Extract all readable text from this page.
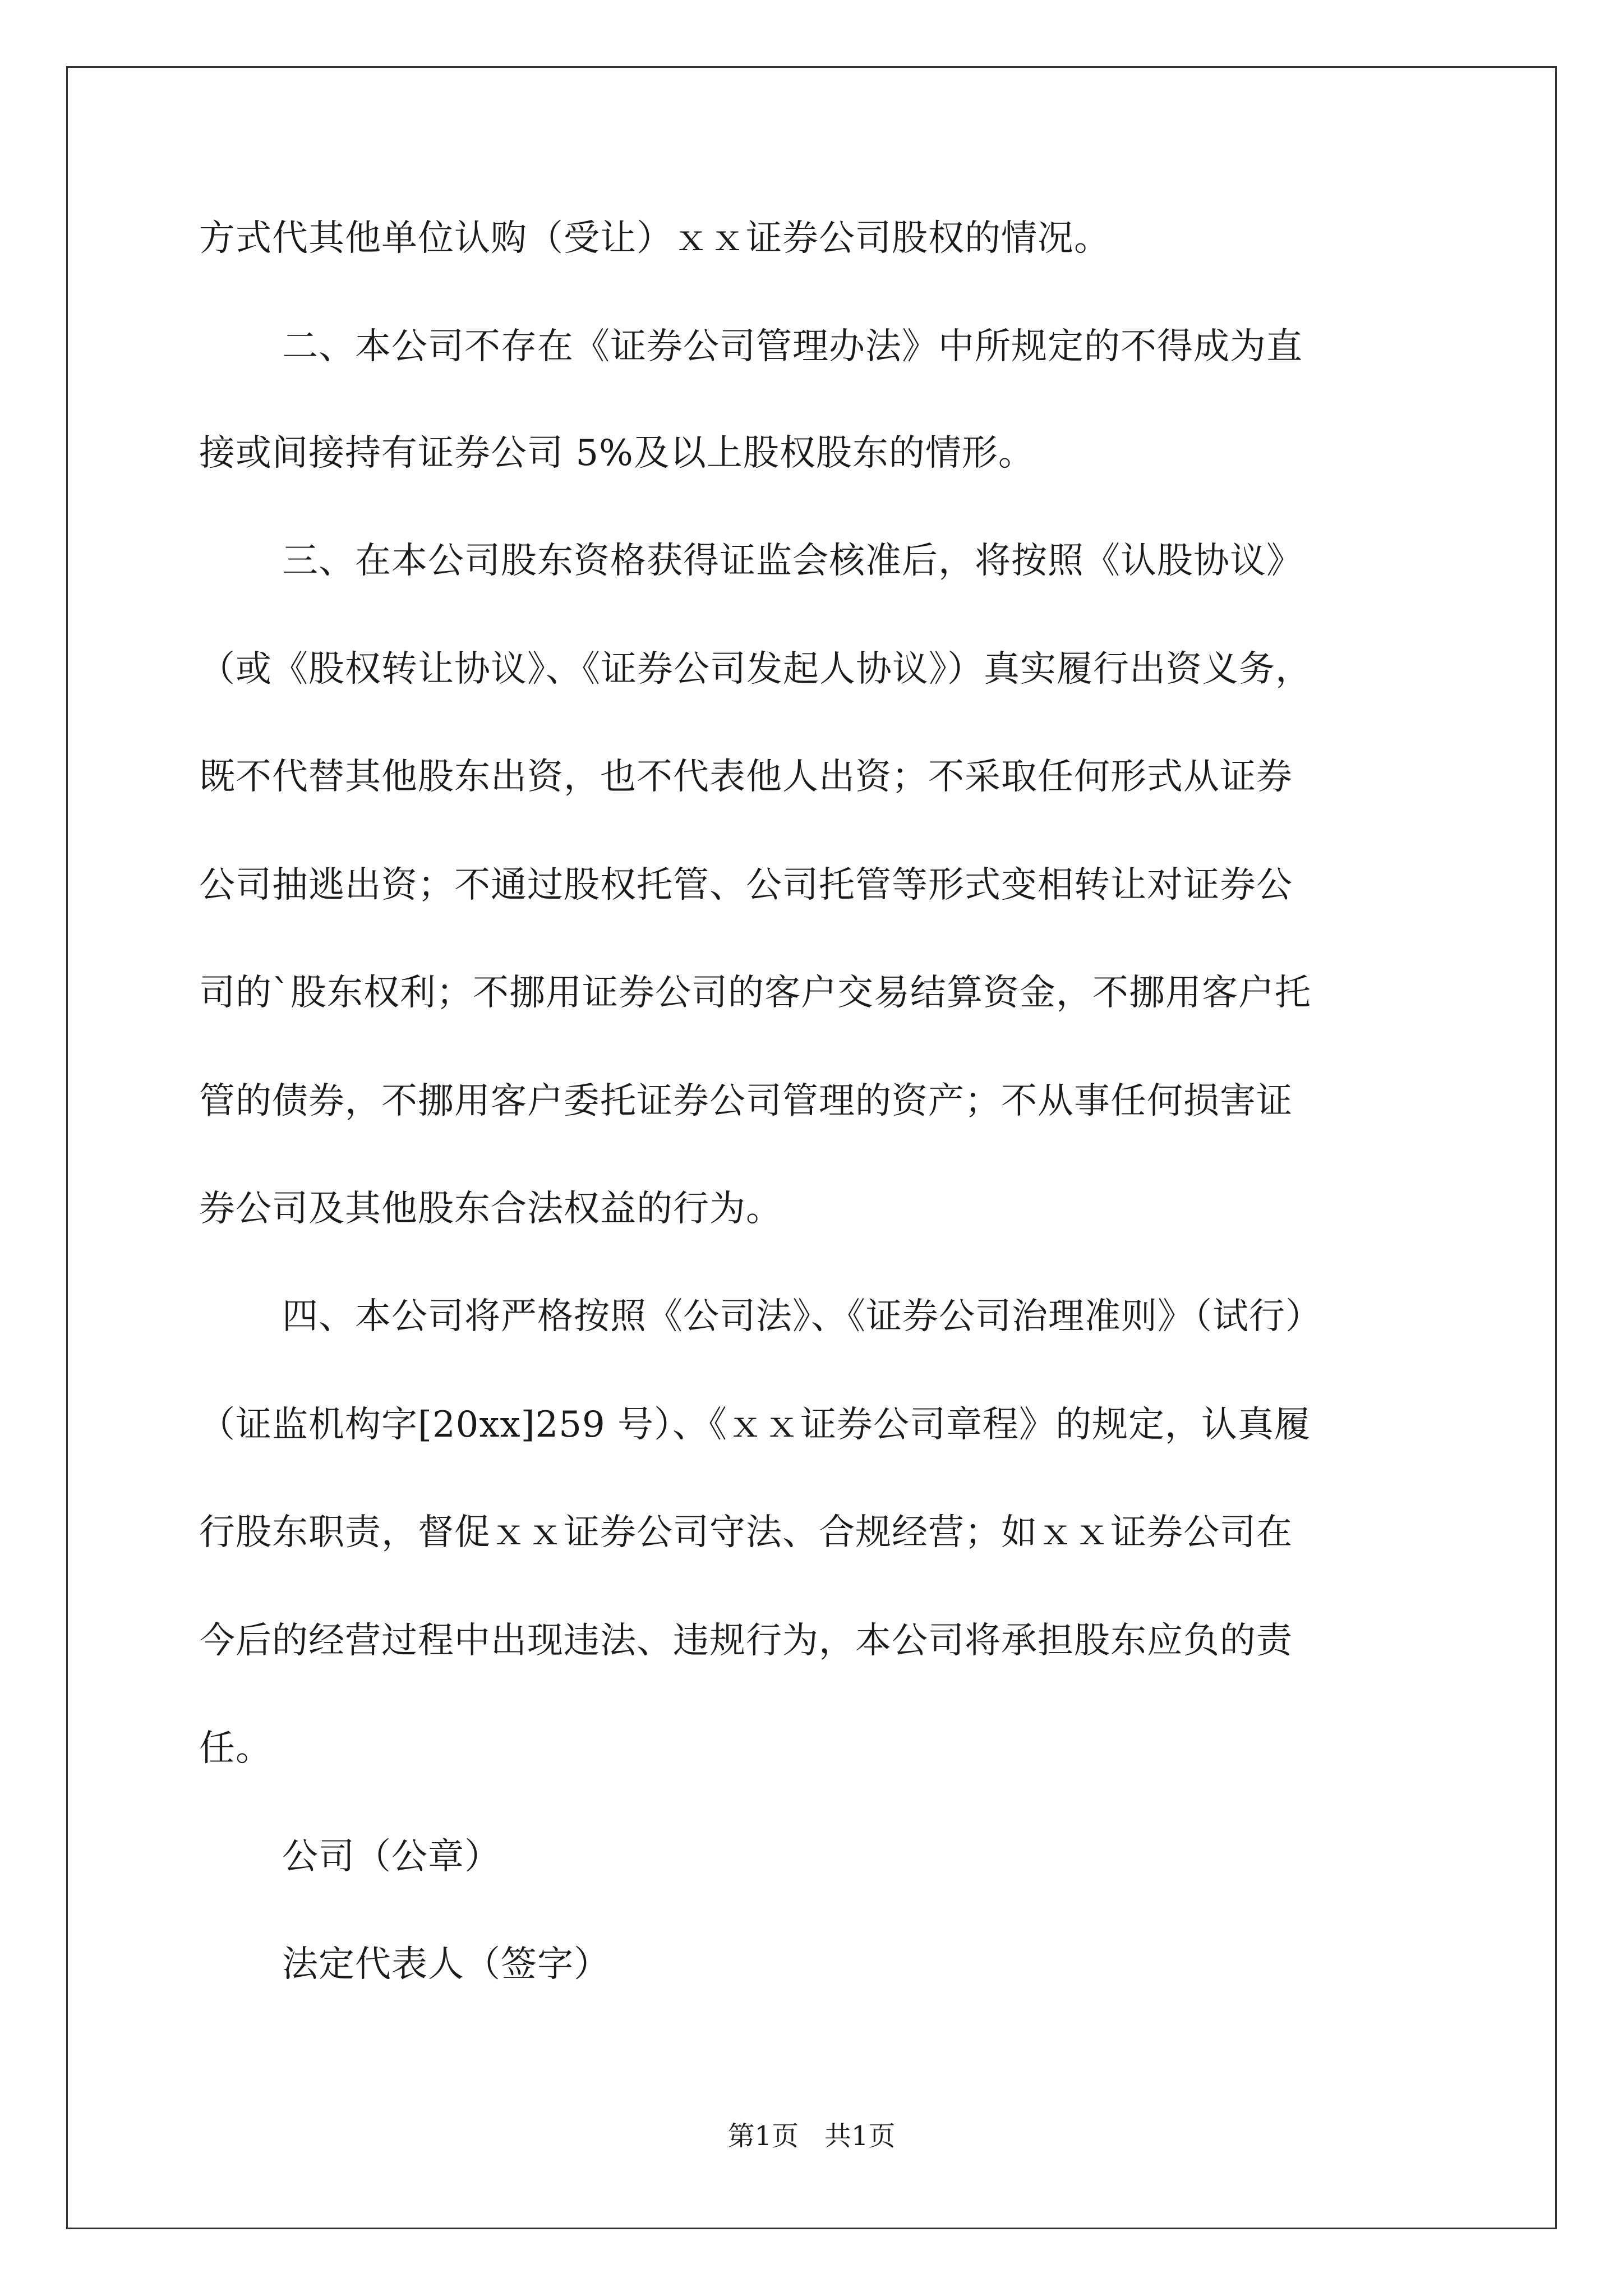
方式代其他单位认购（受让）ｘｘ证券公司股权的情况。
二、本公司不存在《证券公司管理办法》中所规定的不得成为直
接或间接持有证券公司 5%及以上股权股东的情形。
三、在本公司股东资格获得证监会核准后，将按照《认股协议》
（或《股权转让协议》、《证券公司发起人协议》）真实履行出资义务，
既不代替其他股东出资，也不代表他人出资；不采取任何形式从证券
公司抽逃出资；不通过股权托管、公司托管等形式变相转让对证券公
司的`股东权利；不挪用证券公司的客户交易结算资金，不挪用客户托
管的债券，不挪用客户委托证券公司管理的资产；不从事任何损害证
券公司及其他股东合法权益的行为。
四、本公司将严格按照《公司法》、《证券公司治理准则》（试行）
（证监机构字[20xx]259 号）、《ｘｘ证券公司章程》的规定，认真履
行股东职责，督促ｘｘ证券公司守法、合规经营；如ｘｘ证券公司在
今后的经营过程中出现违法、违规行为，本公司将承担股东应负的责
任。
公司（公章）
法定代表人（签字）
第1页   共1页
